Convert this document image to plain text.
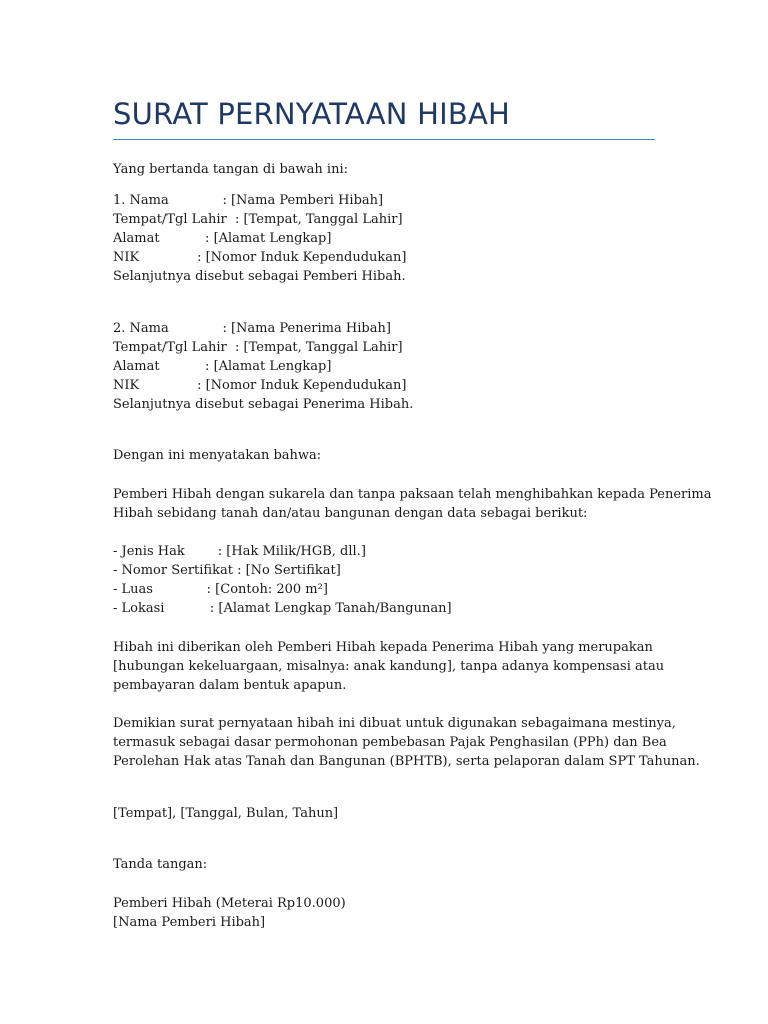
SURAT PERNYATAAN HIBAH

Yang bertanda tangan di bawah ini:

1. Nama             : [Nama Pemberi Hibah]

Tempat/Tgl Lahir  : [Tempat, Tanggal Lahir]

Alamat           : [Alamat Lengkap]

NIK              : [Nomor Induk Kependudukan]

Selanjutnya disebut sebagai Pemberi Hibah.

2. Nama             : [Nama Penerima Hibah]

Tempat/Tgl Lahir  : [Tempat, Tanggal Lahir]

Alamat           : [Alamat Lengkap]

NIK              : [Nomor Induk Kependudukan]

Selanjutnya disebut sebagai Penerima Hibah.

Dengan ini menyatakan bahwa:

Pemberi Hibah dengan sukarela dan tanpa paksaan telah menghibahkan kepada Penerima

Hibah sebidang tanah dan/atau bangunan dengan data sebagai berikut:

- Jenis Hak        : [Hak Milik/HGB, dll.]

- Nomor Sertifikat : [No Sertifikat]

- Luas             : [Contoh: 200 m²]

- Lokasi           : [Alamat Lengkap Tanah/Bangunan]

Hibah ini diberikan oleh Pemberi Hibah kepada Penerima Hibah yang merupakan

[hubungan kekeluargaan, misalnya: anak kandung], tanpa adanya kompensasi atau

pembayaran dalam bentuk apapun.

Demikian surat pernyataan hibah ini dibuat untuk digunakan sebagaimana mestinya,

termasuk sebagai dasar permohonan pembebasan Pajak Penghasilan (PPh) dan Bea

Perolehan Hak atas Tanah dan Bangunan (BPHTB), serta pelaporan dalam SPT Tahunan.

[Tempat], [Tanggal, Bulan, Tahun]

Tanda tangan:

Pemberi Hibah (Meterai Rp10.000)

[Nama Pemberi Hibah]
